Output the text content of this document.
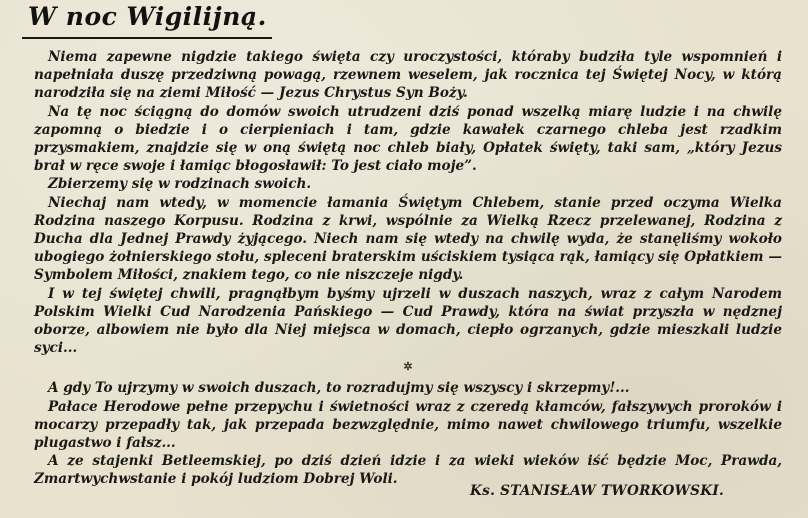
W noc Wigilijną.

Niema zapewne nigdzie takiego święta czy uroczystości, któraby budziła tyle wspomnień i napełniała duszę przedziwną powagą, rzewnem weselem, jak rocznica tej Świętej Nocy, w którą narodziła się na ziemi Miłość — Jezus Chrystus Syn Boży.

Na tę noc ściągną do domów swoich utrudzeni dziś ponad wszelką miarę ludzie i na chwilę zapomną o biedzie i o cierpieniach i tam, gdzie kawałek czarnego chleba jest rzadkim przysmakiem, znajdzie się w oną świętą noc chleb biały, Opłatek święty, taki sam, „który Jezus brał w ręce swoje i łamiąc błogosławił: To jest ciało moje”.

Zbierzemy się w rodzinach swoich.

Niechaj nam wtedy, w momencie łamania Świętym Chlebem, stanie przed oczyma Wielka Rodzina naszego Korpusu. Rodzina z krwi, wspólnie za Wielką Rzecz przelewanej, Rodzina z Ducha dla Jednej Prawdy żyjącego. Niech nam się wtedy na chwilę wyda, że stanęliśmy wokoło ubogiego żołnierskiego stołu, spleceni braterskim uściskiem tysiąca rąk, łamiący się Opłatkiem — Symbolem Miłości, znakiem tego, co nie niszczeje nigdy.

I w tej świętej chwili, pragnąłbym byśmy ujrzeli w duszach naszych, wraz z całym Narodem Polskim Wielki Cud Narodzenia Pańskiego — Cud Prawdy, która na świat przyszła w nędznej oborze, albowiem nie było dla Niej miejsca w domach, ciepło ogrzanych, gdzie mieszkali ludzie syci...

✲

A gdy To ujrzymy w swoich duszach, to rozradujmy się wszyscy i skrzepmy!...

Pałace Herodowe pełne przepychu i świetności wraz z czeredą kłamców, fałszywych proroków i mocarzy przepadły tak, jak przepada bezwzględnie, mimo nawet chwilowego triumfu, wszelkie plugastwo i fałsz...

A ze stajenki Betleemskiej, po dziś dzień idzie i za wieki wieków iść będzie Moc, Prawda, Zmartwychwstanie i pokój ludziom Dobrej Woli.

Ks. STANISŁAW TWORKOWSKI.
